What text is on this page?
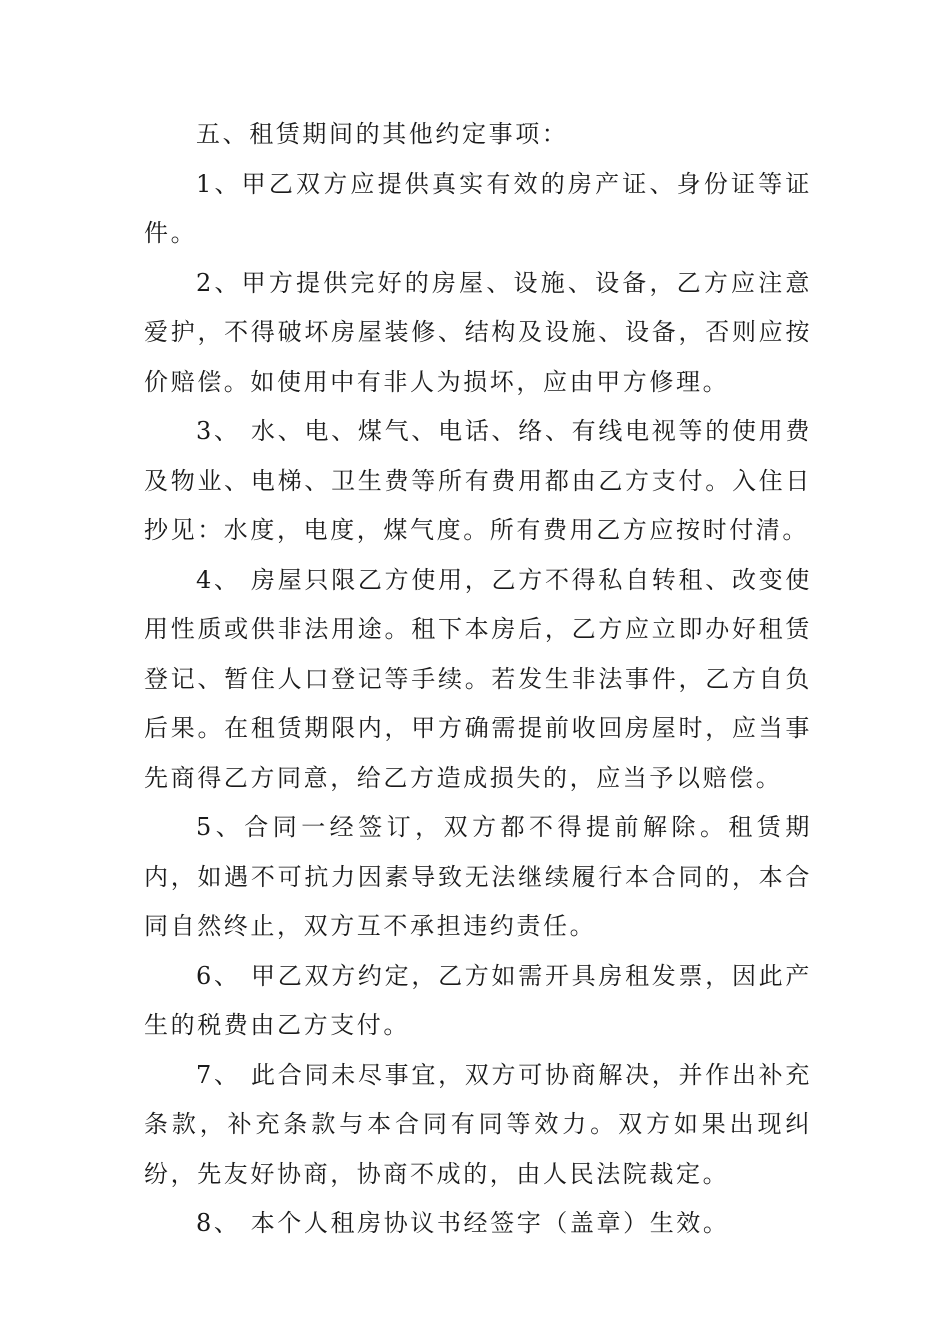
五、租赁期间的其他约定事项：

1、甲乙双方应提供真实有效的房产证、身份证等证件。

2、甲方提供完好的房屋、设施、设备，乙方应注意爱护，不得破坏房屋装修、结构及设施、设备，否则应按价赔偿。如使用中有非人为损坏，应由甲方修理。

3、 水、电、煤气、电话、络、有线电视等的使用费及物业、电梯、卫生费等所有费用都由乙方支付。入住日抄见：水度，电度，煤气度。所有费用乙方应按时付清。

4、 房屋只限乙方使用，乙方不得私自转租、改变使用性质或供非法用途。租下本房后，乙方应立即办好租赁登记、暂住人口登记等手续。若发生非法事件，乙方自负后果。在租赁期限内，甲方确需提前收回房屋时，应当事先商得乙方同意，给乙方造成损失的，应当予以赔偿。

5、合同一经签订，双方都不得提前解除。租赁期内，如遇不可抗力因素导致无法继续履行本合同的，本合同自然终止，双方互不承担违约责任。

6、 甲乙双方约定，乙方如需开具房租发票，因此产生的税费由乙方支付。

7、 此合同未尽事宜，双方可协商解决，并作出补充条款，补充条款与本合同有同等效力。双方如果出现纠纷，先友好协商，协商不成的，由人民法院裁定。

8、 本个人租房协议书经签字（盖章）生效。
